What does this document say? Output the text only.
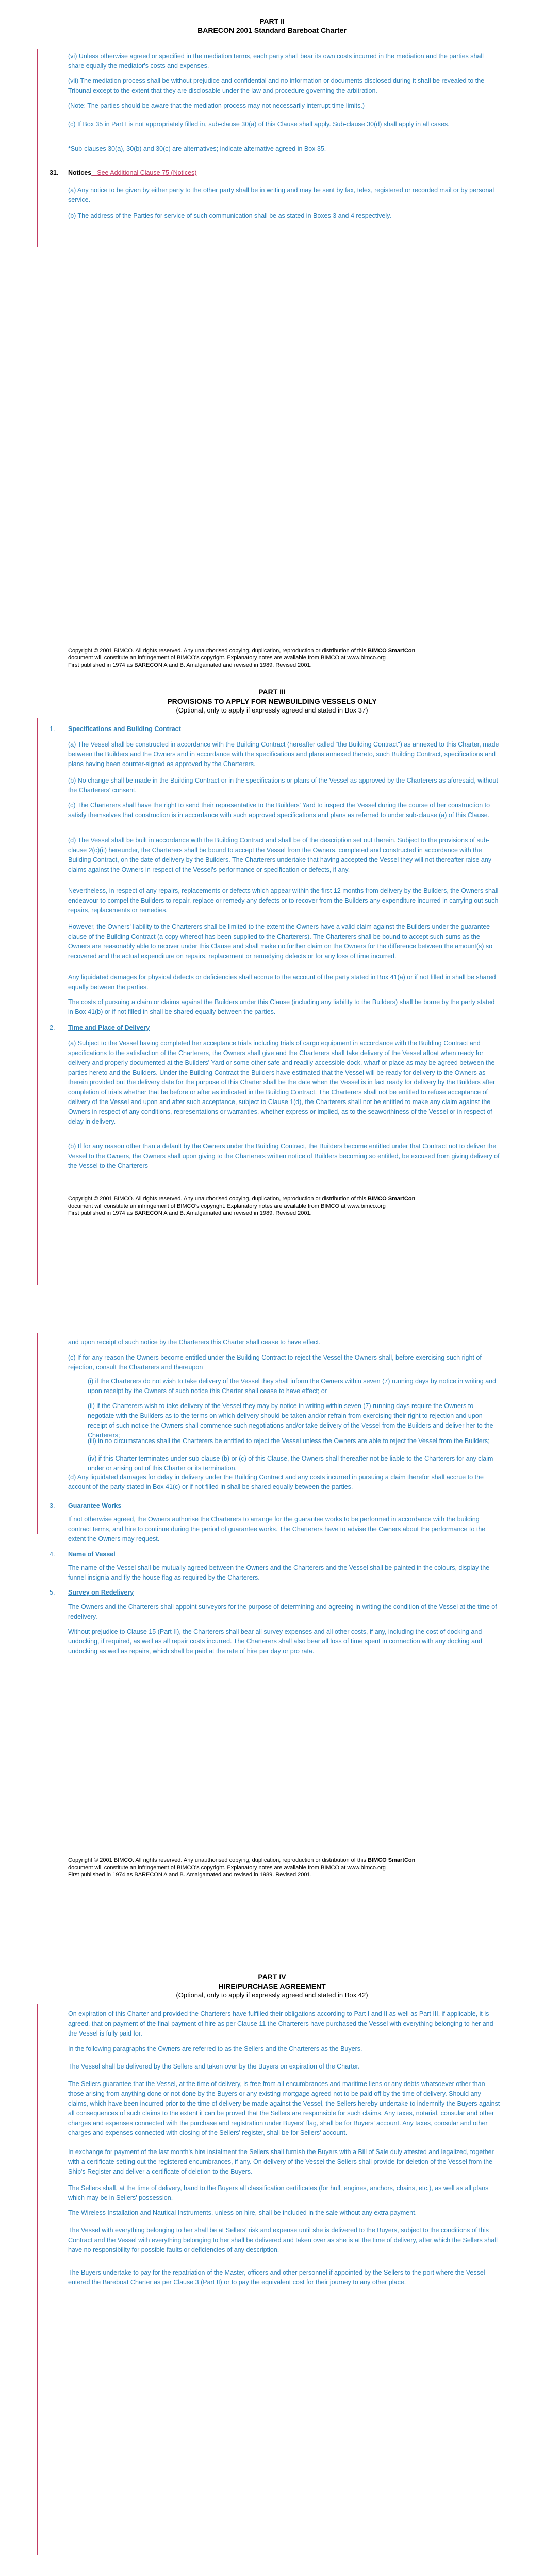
PART II
BARECON 2001 Standard Bareboat Charter
(vi) Unless otherwise agreed or specified in the mediation terms, each party shall bear its own costs incurred in the mediation and the parties shall share equally the mediator's costs and expenses.
(vii) The mediation process shall be without prejudice and confidential and no information or documents disclosed during it shall be revealed to the Tribunal except to the extent that they are disclosable under the law and procedure governing the arbitration.
(Note: The parties should be aware that the mediation process may not necessarily interrupt time limits.)
(c) If Box 35 in Part I is not appropriately filled in, sub-clause 30(a) of this Clause shall apply. Sub-clause 30(d) shall apply in all cases.
*Sub-clauses 30(a), 30(b) and 30(c) are alternatives; indicate alternative agreed in Box 35.
31. Notices - See Additional Clause 75 (Notices)
(a) Any notice to be given by either party to the other party shall be in writing and may be sent by fax, telex, registered or recorded mail or by personal service.
(b) The address of the Parties for service of such communication shall be as stated in Boxes 3 and 4 respectively.
Copyright © 2001 BIMCO. All rights reserved. Any unauthorised copying, duplication, reproduction or distribution of this BIMCO SmartCon
document will constitute an infringement of BIMCO's copyright. Explanatory notes are available from BIMCO at www.bimco.org
First published in 1974 as BARECON A and B. Amalgamated and revised in 1989. Revised 2001.
PART III
PROVISIONS TO APPLY FOR NEWBUILDING VESSELS ONLY
(Optional, only to apply if expressly agreed and stated in Box 37)
1. Specifications and Building Contract
(a) The Vessel shall be constructed in accordance with the Building Contract (hereafter called "the Building Contract") as annexed to this Charter, made between the Builders and the Owners and in accordance with the specifications and plans annexed thereto, such Building Contract, specifications and plans having been counter-signed as approved by the Charterers.
(b) No change shall be made in the Building Contract or in the specifications or plans of the Vessel as approved by the Charterers as aforesaid, without the Charterers' consent.
(c) The Charterers shall have the right to send their representative to the Builders' Yard to inspect the Vessel during the course of her construction to satisfy themselves that construction is in accordance with such approved specifications and plans as referred to under sub-clause (a) of this Clause.
(d) The Vessel shall be built in accordance with the Building Contract and shall be of the description set out therein. Subject to the provisions of sub-clause 2(c)(ii) hereunder, the Charterers shall be bound to accept the Vessel from the Owners, completed and constructed in accordance with the Building Contract, on the date of delivery by the Builders. The Charterers undertake that having accepted the Vessel they will not thereafter raise any claims against the Owners in respect of the Vessel's performance or specification or defects, if any.
Nevertheless, in respect of any repairs, replacements or defects which appear within the first 12 months from delivery by the Builders, the Owners shall endeavour to compel the Builders to repair, replace or remedy any defects or to recover from the Builders any expenditure incurred in carrying out such repairs, replacements or remedies.
However, the Owners' liability to the Charterers shall be limited to the extent the Owners have a valid claim against the Builders under the guarantee clause of the Building Contract (a copy whereof has been supplied to the Charterers). The Charterers shall be bound to accept such sums as the Owners are reasonably able to recover under this Clause and shall make no further claim on the Owners for the difference between the amount(s) so recovered and the actual expenditure on repairs, replacement or remedying defects or for any loss of time incurred.
Any liquidated damages for physical defects or deficiencies shall accrue to the account of the party stated in Box 41(a) or if not filled in shall be shared equally between the parties.
The costs of pursuing a claim or claims against the Builders under this Clause (including any liability to the Builders) shall be borne by the party stated in Box 41(b) or if not filled in shall be shared equally between the parties.
2. Time and Place of Delivery
(a) Subject to the Vessel having completed her acceptance trials including trials of cargo equipment in accordance with the Building Contract and specifications to the satisfaction of the Charterers, the Owners shall give and the Charterers shall take delivery of the Vessel afloat when ready for delivery and properly documented at the Builders' Yard or some other safe and readily accessible dock, wharf or place as may be agreed between the parties hereto and the Builders. Under the Building Contract the Builders have estimated that the Vessel will be ready for delivery to the Owners as therein provided but the delivery date for the purpose of this Charter shall be the date when the Vessel is in fact ready for delivery by the Builders after completion of trials whether that be before or after as indicated in the Building Contract. The Charterers shall not be entitled to refuse acceptance of delivery of the Vessel and upon and after such acceptance, subject to Clause 1(d), the Charterers shall not be entitled to make any claim against the Owners in respect of any conditions, representations or warranties, whether express or implied, as to the seaworthiness of the Vessel or in respect of delay in delivery.
(b) If for any reason other than a default by the Owners under the Building Contract, the Builders become entitled under that Contract not to deliver the Vessel to the Owners, the Owners shall upon giving to the Charterers written notice of Builders becoming so entitled, be excused from giving delivery of the Vessel to the Charterers
Copyright © 2001 BIMCO. All rights reserved. Any unauthorised copying, duplication, reproduction or distribution of this BIMCO SmartCon
document will constitute an infringement of BIMCO's copyright. Explanatory notes are available from BIMCO at www.bimco.org
First published in 1974 as BARECON A and B. Amalgamated and revised in 1989. Revised 2001.
and upon receipt of such notice by the Charterers this Charter shall cease to have effect.
(c) If for any reason the Owners become entitled under the Building Contract to reject the Vessel the Owners shall, before exercising such right of rejection, consult the Charterers and thereupon
(i) if the Charterers do not wish to take delivery of the Vessel they shall inform the Owners within seven (7) running days by notice in writing and upon receipt by the Owners of such notice this Charter shall cease to have effect; or
(ii) if the Charterers wish to take delivery of the Vessel they may by notice in writing within seven (7) running days require the Owners to negotiate with the Builders as to the terms on which delivery should be taken and/or refrain from exercising their right to rejection and upon receipt of such notice the Owners shall commence such negotiations and/or take delivery of the Vessel from the Builders and deliver her to the Charterers;
(iii) in no circumstances shall the Charterers be entitled to reject the Vessel unless the Owners are able to reject the Vessel from the Builders;
(iv) if this Charter terminates under sub-clause (b) or (c) of this Clause, the Owners shall thereafter not be liable to the Charterers for any claim under or arising out of this Charter or its termination.
(d) Any liquidated damages for delay in delivery under the Building Contract and any costs incurred in pursuing a claim therefor shall accrue to the account of the party stated in Box 41(c) or if not filled in shall be shared equally between the parties.
3. Guarantee Works
If not otherwise agreed, the Owners authorise the Charterers to arrange for the guarantee works to be performed in accordance with the building contract terms, and hire to continue during the period of guarantee works. The Charterers have to advise the Owners about the performance to the extent the Owners may request.
4. Name of Vessel
The name of the Vessel shall be mutually agreed between the Owners and the Charterers and the Vessel shall be painted in the colours, display the funnel insignia and fly the house flag as required by the Charterers.
5. Survey on Redelivery
The Owners and the Charterers shall appoint surveyors for the purpose of determining and agreeing in writing the condition of the Vessel at the time of redelivery.
Without prejudice to Clause 15 (Part II), the Charterers shall bear all survey expenses and all other costs, if any, including the cost of docking and undocking, if required, as well as all repair costs incurred. The Charterers shall also bear all loss of time spent in connection with any docking and undocking as well as repairs, which shall be paid at the rate of hire per day or pro rata.
Copyright © 2001 BIMCO. All rights reserved. Any unauthorised copying, duplication, reproduction or distribution of this BIMCO SmartCon
document will constitute an infringement of BIMCO's copyright. Explanatory notes are available from BIMCO at www.bimco.org
First published in 1974 as BARECON A and B. Amalgamated and revised in 1989. Revised 2001.
PART IV
HIRE/PURCHASE AGREEMENT
(Optional, only to apply if expressly agreed and stated in Box 42)
On expiration of this Charter and provided the Charterers have fulfilled their obligations according to Part I and II as well as Part III, if applicable, it is agreed, that on payment of the final payment of hire as per Clause 11 the Charterers have purchased the Vessel with everything belonging to her and the Vessel is fully paid for.
In the following paragraphs the Owners are referred to as the Sellers and the Charterers as the Buyers.
The Vessel shall be delivered by the Sellers and taken over by the Buyers on expiration of the Charter.
The Sellers guarantee that the Vessel, at the time of delivery, is free from all encumbrances and maritime liens or any debts whatsoever other than those arising from anything done or not done by the Buyers or any existing mortgage agreed not to be paid off by the time of delivery. Should any claims, which have been incurred prior to the time of delivery be made against the Vessel, the Sellers hereby undertake to indemnify the Buyers against all consequences of such claims to the extent it can be proved that the Sellers are responsible for such claims. Any taxes, notarial, consular and other charges and expenses connected with the purchase and registration under Buyers' flag, shall be for Buyers' account. Any taxes, consular and other charges and expenses connected with closing of the Sellers' register, shall be for Sellers' account.
In exchange for payment of the last month's hire instalment the Sellers shall furnish the Buyers with a Bill of Sale duly attested and legalized, together with a certificate setting out the registered encumbrances, if any. On delivery of the Vessel the Sellers shall provide for deletion of the Vessel from the Ship's Register and deliver a certificate of deletion to the Buyers.
The Sellers shall, at the time of delivery, hand to the Buyers all classification certificates (for hull, engines, anchors, chains, etc.), as well as all plans which may be in Sellers' possession.
The Wireless Installation and Nautical Instruments, unless on hire, shall be included in the sale without any extra payment.
The Vessel with everything belonging to her shall be at Sellers' risk and expense until she is delivered to the Buyers, subject to the conditions of this Contract and the Vessel with everything belonging to her shall be delivered and taken over as she is at the time of delivery, after which the Sellers shall have no responsibility for possible faults or deficiencies of any description.
The Buyers undertake to pay for the repatriation of the Master, officers and other personnel if appointed by the Sellers to the port where the Vessel entered the Bareboat Charter as per Clause 3 (Part II) or to pay the equivalent cost for their journey to any other place.
